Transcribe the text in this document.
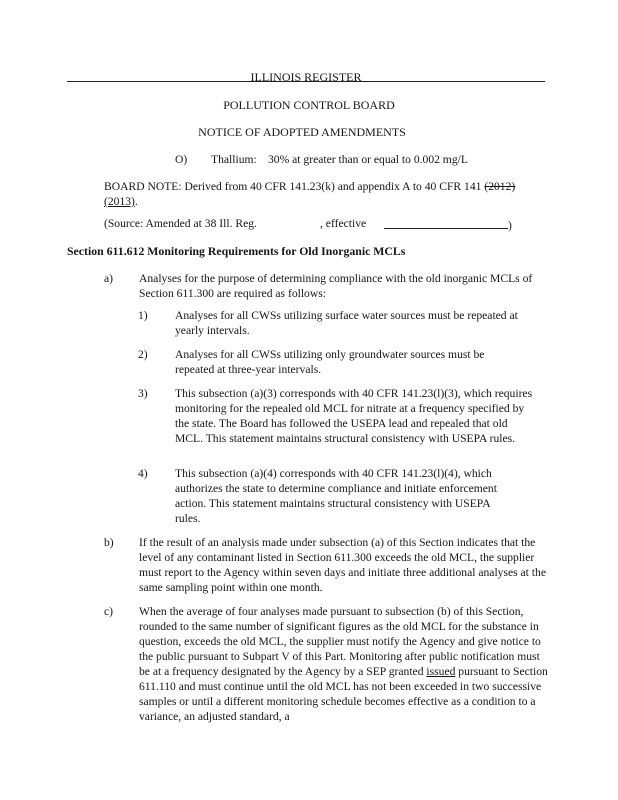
ILLINOIS REGISTER
POLLUTION CONTROL BOARD
NOTICE OF ADOPTED AMENDMENTS
O) Thallium: 30% at greater than or equal to 0.002 mg/L
BOARD NOTE: Derived from 40 CFR 141.23(k) and appendix A to 40 CFR 141 (2012)
(2013).
(Source: Amended at 38 Ill. Reg.	, effective	)
Section 611.612 Monitoring Requirements for Old Inorganic MCLs
a) Analyses for the purpose of determining compliance with the old inorganic MCLs of Section 611.300 are required as follows:
1) Analyses for all CWSs utilizing surface water sources must be repeated at yearly intervals.
2) Analyses for all CWSs utilizing only groundwater sources must be repeated at three-year intervals.
3) This subsection (a)(3) corresponds with 40 CFR 141.23(l)(3), which requires monitoring for the repealed old MCL for nitrate at a frequency specified by the state. The Board has followed the USEPA lead and repealed that old MCL. This statement maintains structural consistency with USEPA rules.
4) This subsection (a)(4) corresponds with 40 CFR 141.23(l)(4), which authorizes the state to determine compliance and initiate enforcement action. This statement maintains structural consistency with USEPA rules.
b) If the result of an analysis made under subsection (a) of this Section indicates that the level of any contaminant listed in Section 611.300 exceeds the old MCL, the supplier must report to the Agency within seven days and initiate three additional analyses at the same sampling point within one month.
c) When the average of four analyses made pursuant to subsection (b) of this Section, rounded to the same number of significant figures as the old MCL for the substance in question, exceeds the old MCL, the supplier must notify the Agency and give notice to the public pursuant to Subpart V of this Part. Monitoring after public notification must be at a frequency designated by the Agency by a SEP granted issued pursuant to Section 611.110 and must continue until the old MCL has not been exceeded in two successive samples or until a different monitoring schedule becomes effective as a condition to a variance, an adjusted standard, a
